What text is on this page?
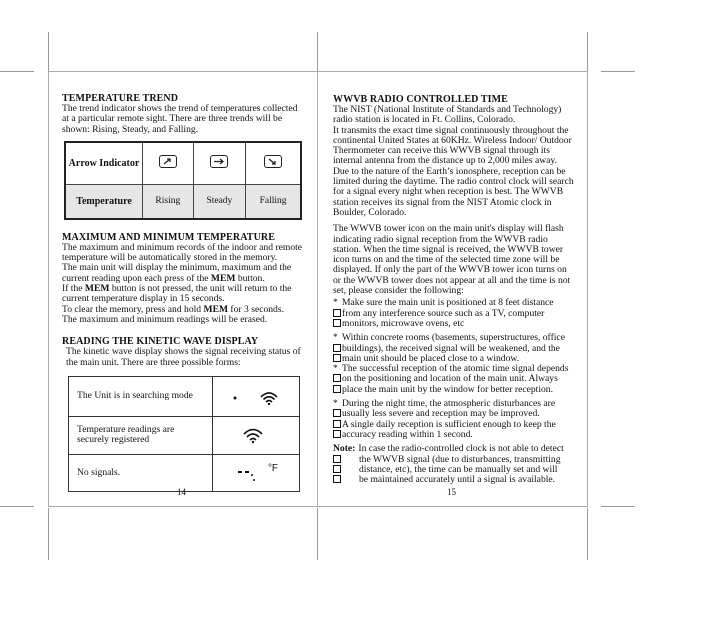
TEMPERATURE TREND

The trend indicator shows the trend of temperatures collected at a particular remote sight. There are three trends will be shown: Rising, Steady, and Falling.

Arrow Indicator	

Temperature	Rising	Steady	Falling
MAXIMUM AND MINIMUM TEMPERATURE

The maximum and minimum records of the indoor and remote temperature will be automatically stored in the memory.

The main unit will display the minimum, maximum and the current reading upon each press of the MEM button.

If the MEM button is not pressed, the unit will return to the current temperature display in 15 seconds.

To clear the memory, press and hold MEM for 3 seconds.

The maximum and minimum readings will be erased.

READING THE KINETIC WAVE DISPLAY

The kinetic wave display shows the signal receiving status of the main unit. There are three possible forms:

The Unit is in searching mode	
Temperature readings are securely registered	
No signals.	°F
14
WWVB RADIO CONTROLLED TIME

The NIST (National Institute of Standards and Technology) radio station is located in Ft. Collins, Colorado.

It transmits the exact time signal continuously throughout the continental United States at 60KHz. Wireless Indoor/ Outdoor Thermometer can receive this WWVB signal through its internal antenna from the distance up to 2,000 miles away. Due to the nature of the Earth’s ionosphere, reception can be limited during the daytime. The radio control clock will search for a signal every night when reception is best. The WWVB station receives its signal from the NIST Atomic clock in Boulder, Colorado.

The WWVB tower icon on the main unit's display will flash indicating radio signal reception from the WWVB radio station. When the time signal is received, the WWVB tower icon turns on and the time of the selected time zone will be displayed. If only the part of the WWVB tower icon turns on or the WWVB tower does not appear at all and the time is not set, please consider the following:

* Make sure the main unit is positioned at 8 feet distance
from any interference source such as a TV, computer
monitors, microwave ovens, etc
* Within concrete rooms (basements, superstructures, office
buildings), the received signal will be weakened, and the
main unit should be placed close to a window.
* The successful reception of the atomic time signal depends
on the positioning and location of the main unit. Always
place the main unit by the window for better reception.
* During the night time, the atmospheric disturbances are
usually less severe and reception may be improved.
A single daily reception is sufficient enough to keep the
accuracy reading within 1 second.
Note: In case the radio-controlled clock is not able to detect
the WWVB signal (due to disturbances, transmitting
distance, etc), the time can be manually set and will
be maintained accurately until a signal is available.
15
